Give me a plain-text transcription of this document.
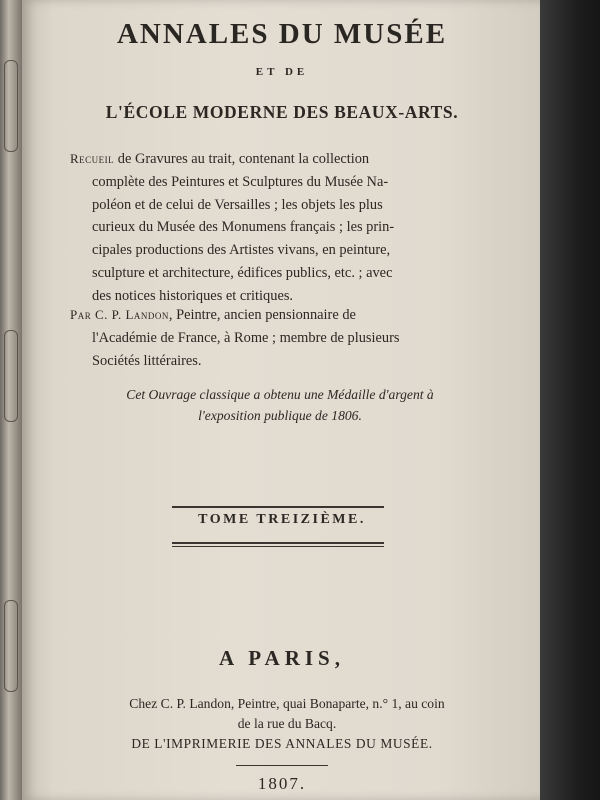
ANNALES DU MUSÉE
ET DE
L'ÉCOLE MODERNE DES BEAUX-ARTS.
Recueil de Gravures au trait, contenant la collection
complète des Peintures et Sculptures du Musée Na-
poléon et de celui de Versailles ; les objets les plus
curieux du Musée des Monumens français ; les prin-
cipales productions des Artistes vivans, en peinture,
sculpture et architecture, édifices publics, etc. ; avec
des notices historiques et critiques.
Par C. P. Landon, Peintre, ancien pensionnaire de
l'Académie de France, à Rome ; membre de plusieurs
Sociétés littéraires.
Cet Ouvrage classique a obtenu une Médaille d'argent à
l'exposition publique de 1806.
TOME TREIZIÈME.
A PARIS,
Chez C. P. Landon, Peintre, quai Bonaparte, n.° 1, au coin
de la rue du Bacq.
DE L'IMPRIMERIE DES ANNALES DU MUSÉE.
1807.
